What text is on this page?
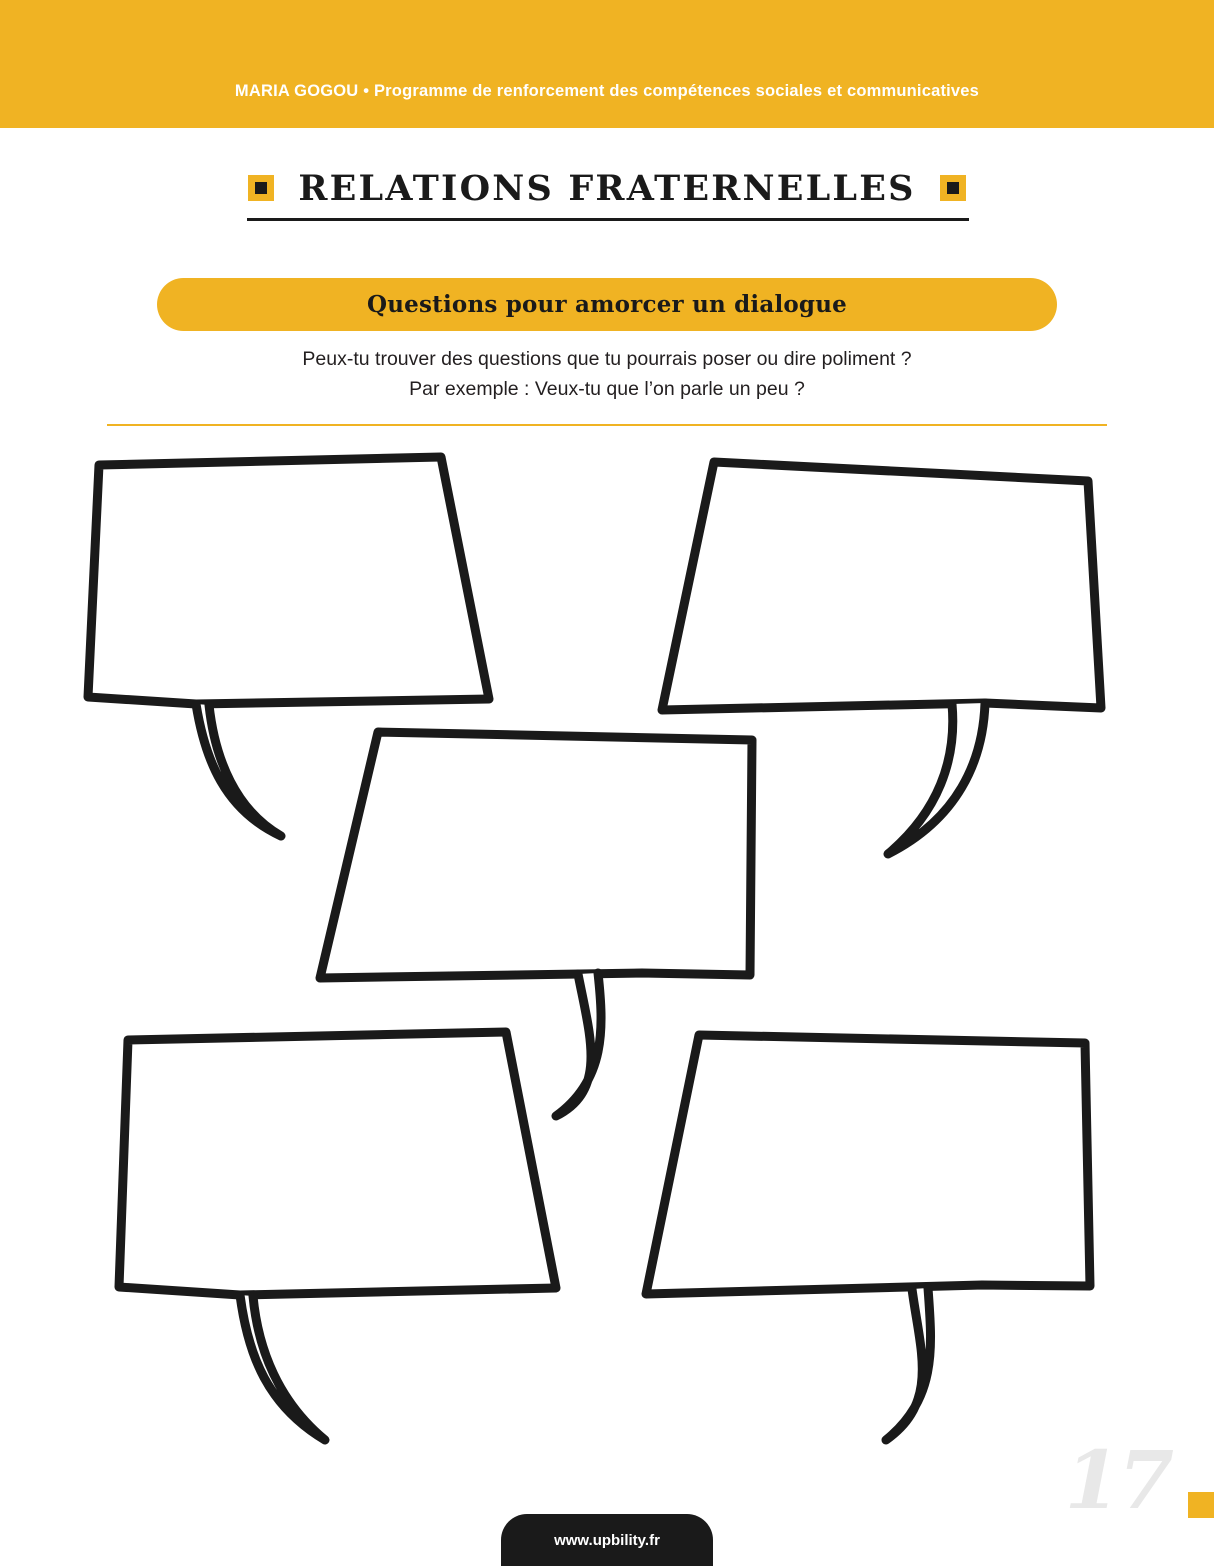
MARIA GOGOU • Programme de renforcement des compétences sociales et communicatives
RELATIONS FRATERNELLES
Questions pour amorcer un dialogue
Peux-tu trouver des questions que tu pourrais poser ou dire poliment ?
Par exemple : Veux-tu que l’on parle un peu ?
17
www.upbility.fr
